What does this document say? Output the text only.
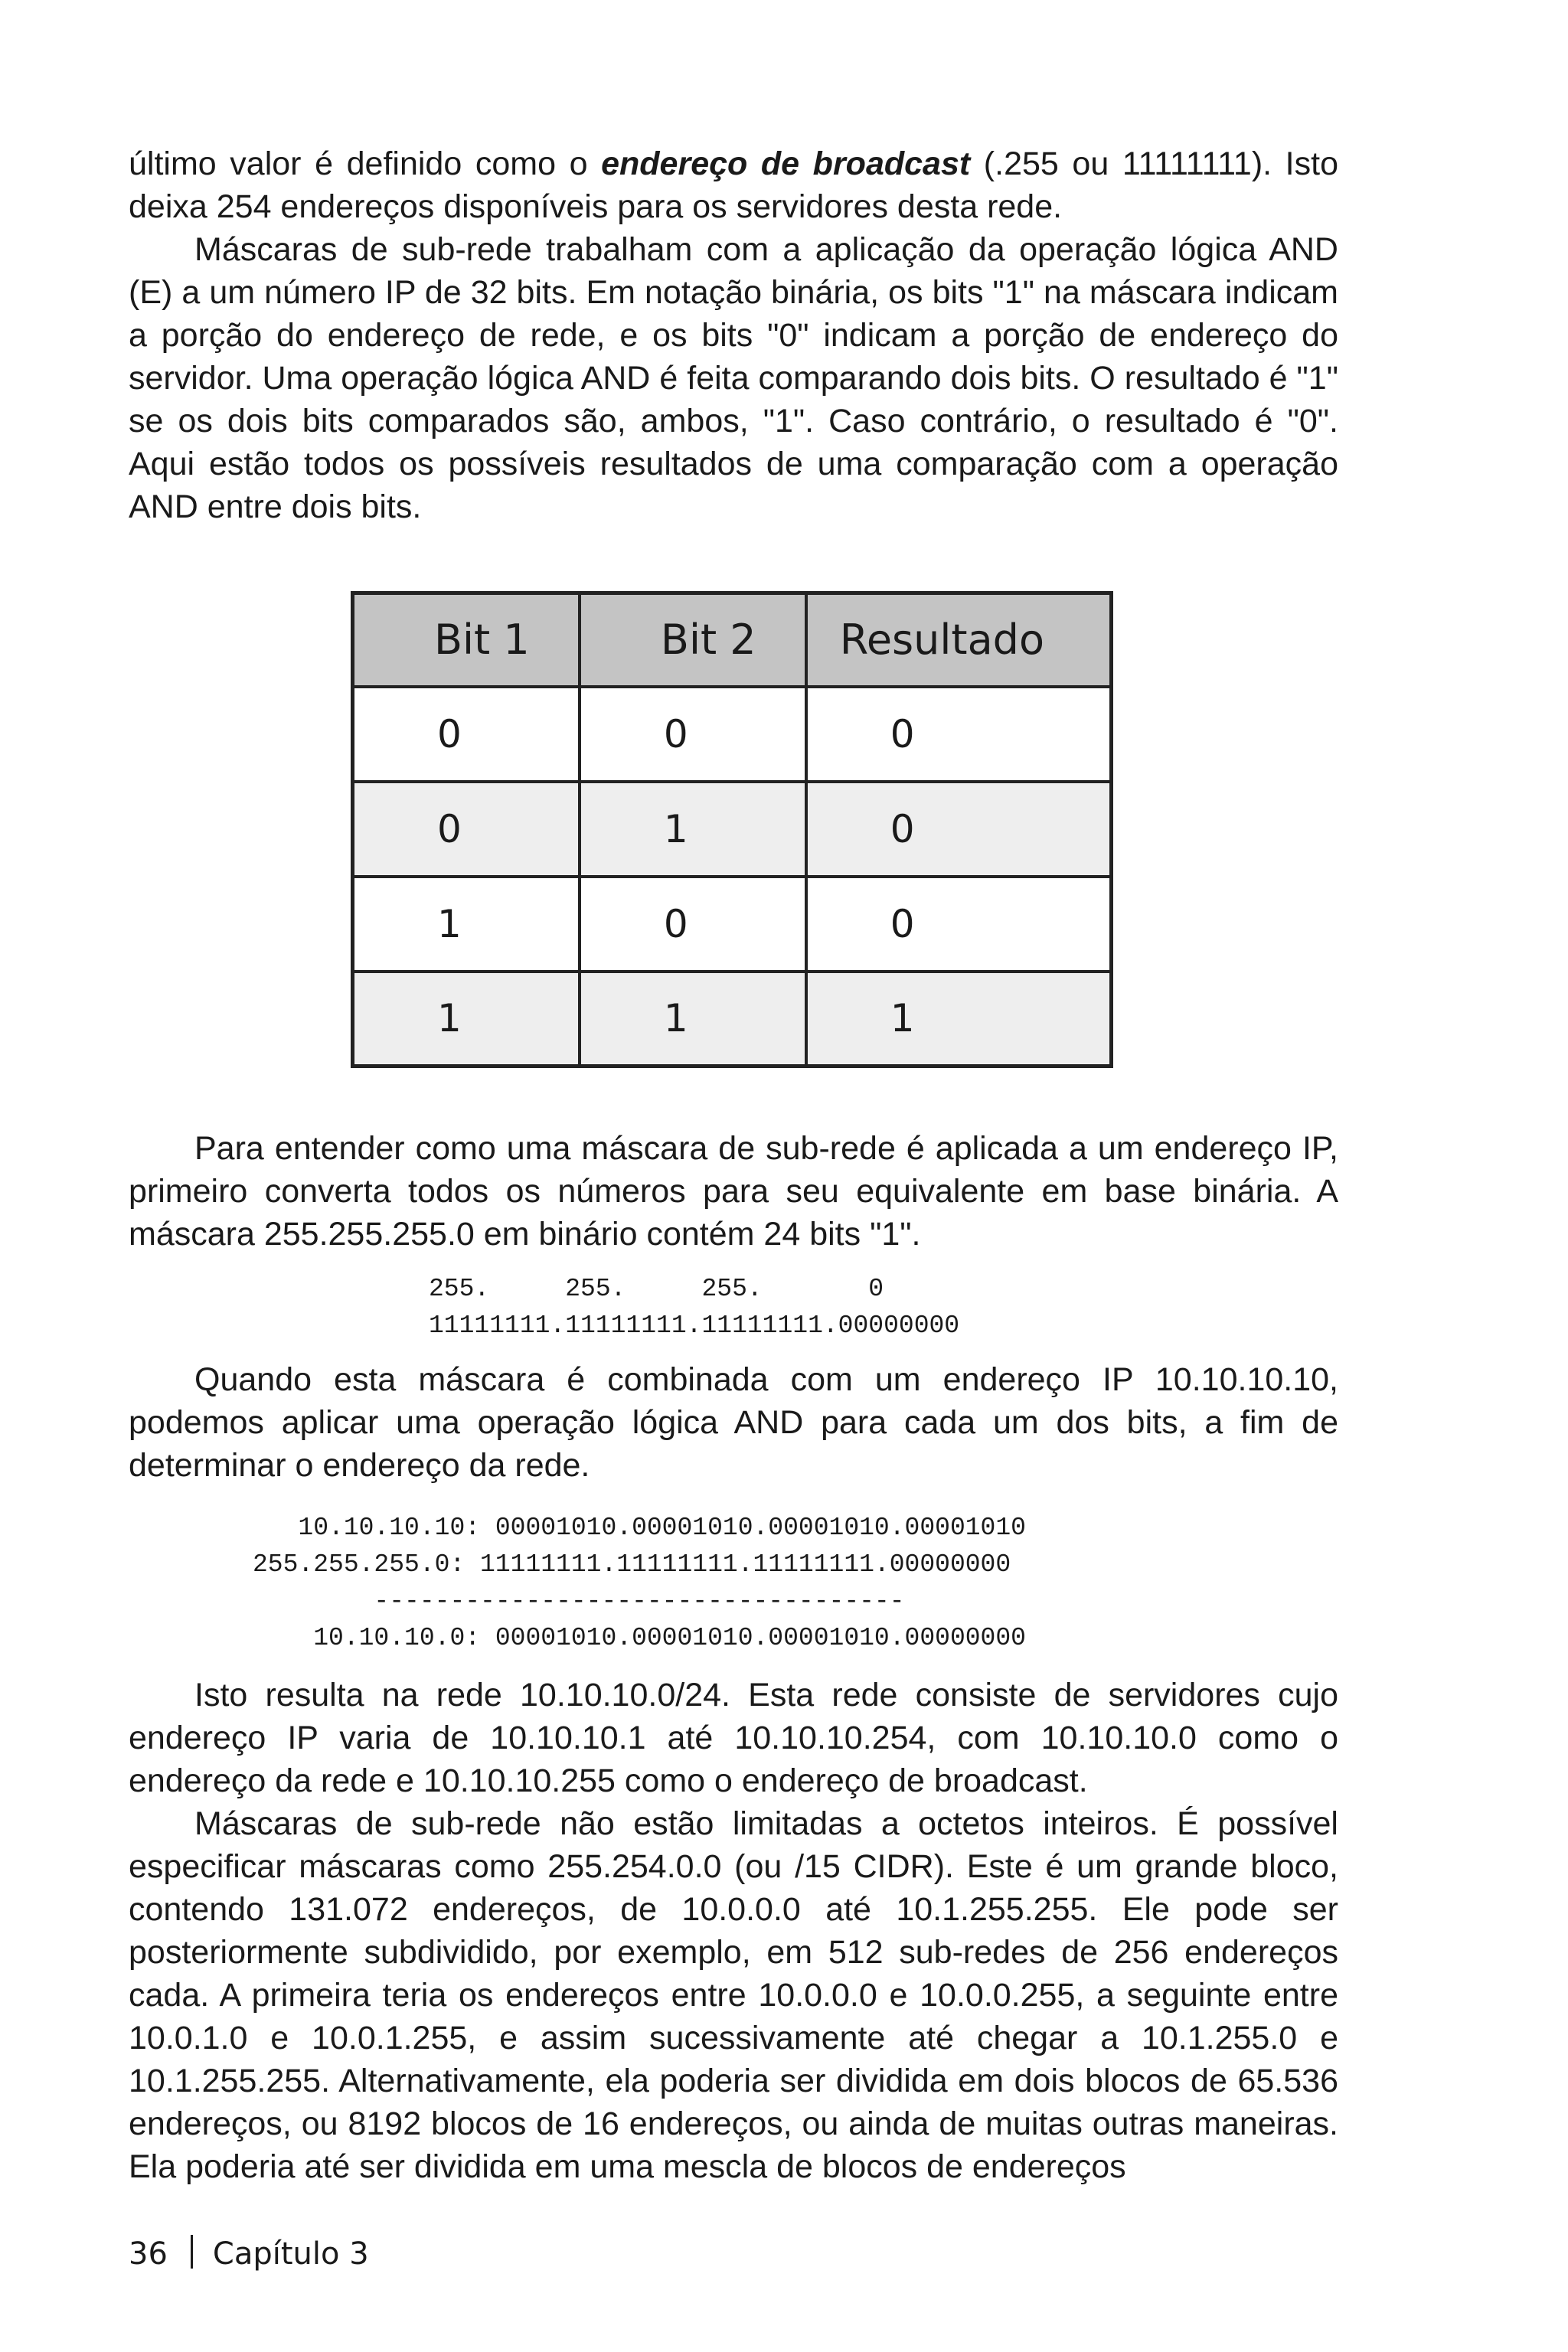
último valor é definido como o endereço de broadcast (.255 ou 11111111). Isto deixa 254 endereços disponíveis para os servidores desta rede.

Máscaras de sub-rede trabalham com a aplicação da operação lógica AND (E) a um número IP de 32 bits. Em notação binária, os bits "1" na máscara indicam a porção do endereço de rede, e os bits "0" indicam a porção de endereço do servidor. Uma operação lógica AND é feita comparando dois bits. O resultado é "1" se os dois bits comparados são, ambos, "1". Caso contrário, o resultado é "0". Aqui estão todos os possíveis resultados de uma comparação com a operação AND entre dois bits.

Bit 1	Bit 2	Resultado
0	0	0
0	1	0
1	0	0
1	1	1

Para entender como uma máscara de sub-rede é aplicada a um endereço IP, primeiro converta todos os números para seu equivalente em base binária. A máscara 255.255.255.0 em binário contém 24 bits "1".

255.     255.     255.       0
11111111.11111111.11111111.00000000

Quando esta máscara é combinada com um endereço IP 10.10.10.10, podemos aplicar uma operação lógica AND para cada um dos bits, a fim de determinar o endereço da rede.

10.10.10.10: 00001010.00001010.00001010.00001010
255.255.255.0: 11111111.11111111.11111111.00000000
-----------------------------------
10.10.10.0: 00001010.00001010.00001010.00000000

Isto resulta na rede 10.10.10.0/24. Esta rede consiste de servidores cujo endereço IP varia de 10.10.10.1 até 10.10.10.254, com 10.10.10.0 como o endereço da rede e 10.10.10.255 como o endereço de broadcast.

Máscaras de sub-rede não estão limitadas a octetos inteiros. É possível especificar máscaras como 255.254.0.0 (ou /15 CIDR). Este é um grande bloco, contendo 131.072 endereços, de 10.0.0.0 até 10.1.255.255. Ele pode ser posteriormente subdividido, por exemplo, em 512 sub-redes de 256 endereços cada. A primeira teria os endereços entre 10.0.0.0 e 10.0.0.255, a seguinte entre 10.0.1.0 e 10.0.1.255, e assim sucessivamente até chegar a 10.1.255.0 e 10.1.255.255. Alternativamente, ela poderia ser dividida em dois blocos de 65.536 endereços, ou 8192 blocos de 16 endereços, ou ainda de muitas outras maneiras. Ela poderia até ser dividida em uma mescla de blocos de endereços

36 Capítulo 3
